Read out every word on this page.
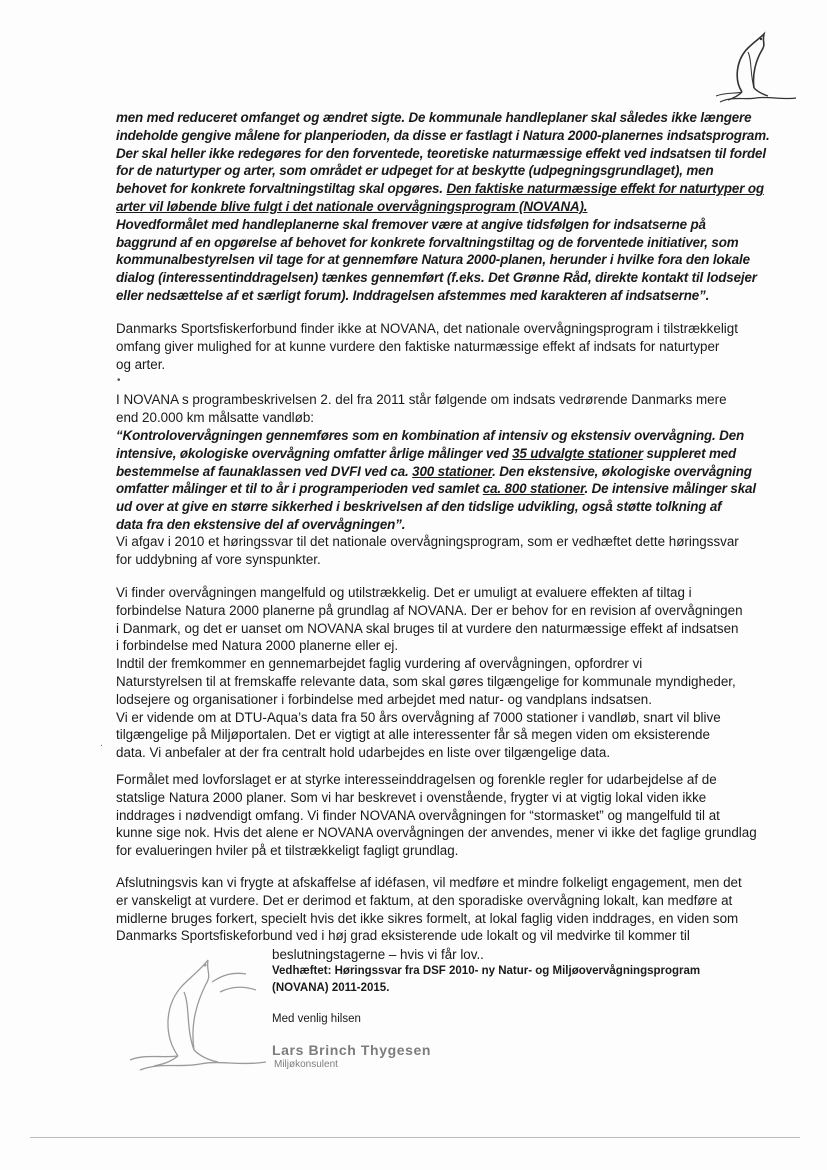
men med reduceret omfanget og ændret sigte. De kommunale handleplaner skal således ikke længere
indeholde gengive målene for planperioden, da disse er fastlagt i Natura 2000-planernes indsatsprogram.
Der skal heller ikke redegøres for den forventede, teoretiske naturmæssige effekt ved indsatsen til fordel
for de naturtyper og arter, som området er udpeget for at beskytte (udpegningsgrundlaget), men
behovet for konkrete forvaltningstiltag skal opgøres. Den faktiske naturmæssige effekt for naturtyper og
arter vil løbende blive fulgt i det nationale overvågningsprogram (NOVANA).
Hovedformålet med handleplanerne skal fremover være at angive tidsfølgen for indsatserne på
baggrund af en opgørelse af behovet for konkrete forvaltningstiltag og de forventede initiativer, som
kommunalbestyrelsen vil tage for at gennemføre Natura 2000-planen, herunder i hvilke fora den lokale
dialog (interessentinddragelsen) tænkes gennemført (f.eks. Det Grønne Råd, direkte kontakt til lodsejer
eller nedsættelse af et særligt forum). Inddragelsen afstemmes med karakteren af indsatserne”.
Danmarks Sportsfiskerforbund finder ikke at NOVANA, det nationale overvågningsprogram i tilstrækkeligt
omfang giver mulighed for at kunne vurdere den faktiske naturmæssige effekt af indsats for naturtyper
og arter.
•
I NOVANA s programbeskrivelsen 2. del fra 2011 står følgende om indsats vedrørende Danmarks mere
end 20.000 km målsatte vandløb:
“Kontrolovervågningen gennemføres som en kombination af intensiv og ekstensiv overvågning. Den
intensive, økologiske overvågning omfatter årlige målinger ved 35 udvalgte stationer suppleret med
bestemmelse af faunaklassen ved DVFI ved ca. 300 stationer. Den ekstensive, økologiske overvågning
omfatter målinger et til to år i programperioden ved samlet ca. 800 stationer. De intensive målinger skal
ud over at give en større sikkerhed i beskrivelsen af den tidslige udvikling, også støtte tolkning af
data fra den ekstensive del af overvågningen”.
Vi afgav i 2010 et høringssvar til det nationale overvågningsprogram, som er vedhæftet dette høringssvar
for uddybning af vore synspunkter.
Vi finder overvågningen mangelfuld og utilstrækkelig. Det er umuligt at evaluere effekten af tiltag i
forbindelse Natura 2000 planerne på grundlag af NOVANA. Der er behov for en revision af overvågningen
i Danmark, og det er uanset om NOVANA skal bruges til at vurdere den naturmæssige effekt af indsatsen
i forbindelse med Natura 2000 planerne eller ej.
Indtil der fremkommer en gennemarbejdet faglig vurdering af overvågningen, opfordrer vi
Naturstyrelsen til at fremskaffe relevante data, som skal gøres tilgængelige for kommunale myndigheder,
lodsejere og organisationer i forbindelse med arbejdet med natur- og vandplans indsatsen.
Vi er vidende om at DTU-Aqua’s data fra 50 års overvågning af 7000 stationer i vandløb, snart vil blive
tilgængelige på Miljøportalen. Det er vigtigt at alle interessenter får så megen viden om eksisterende
data. Vi anbefaler at der fra centralt hold udarbejdes en liste over tilgængelige data.
.
Formålet med lovforslaget er at styrke interesseinddragelsen og forenkle regler for udarbejdelse af de
statslige Natura 2000 planer. Som vi har beskrevet i ovenstående, frygter vi at vigtig lokal viden ikke
inddrages i nødvendigt omfang. Vi finder NOVANA overvågningen for “stormasket” og mangelfuld til at
kunne sige nok. Hvis det alene er NOVANA overvågningen der anvendes, mener vi ikke det faglige grundlag
for evalueringen hviler på et tilstrækkeligt fagligt grundlag.
Afslutningsvis kan vi frygte at afskaffelse af idéfasen, vil medføre et mindre folkeligt engagement, men det
er vanskeligt at vurdere. Det er derimod et faktum, at den sporadiske overvågning lokalt, kan medføre at
midlerne bruges forkert, specielt hvis det ikke sikres formelt, at lokal faglig viden inddrages, en viden som
Danmarks Sportsfiskeforbund ved i høj grad eksisterende ude lokalt og vil medvirke til kommer til
beslutningstagerne – hvis vi får lov..
Vedhæftet: Høringssvar fra DSF 2010- ny Natur- og Miljøovervågningsprogram
(NOVANA) 2011-2015.
Med venlig hilsen
Lars Brinch Thygesen
Miljøkonsulent
